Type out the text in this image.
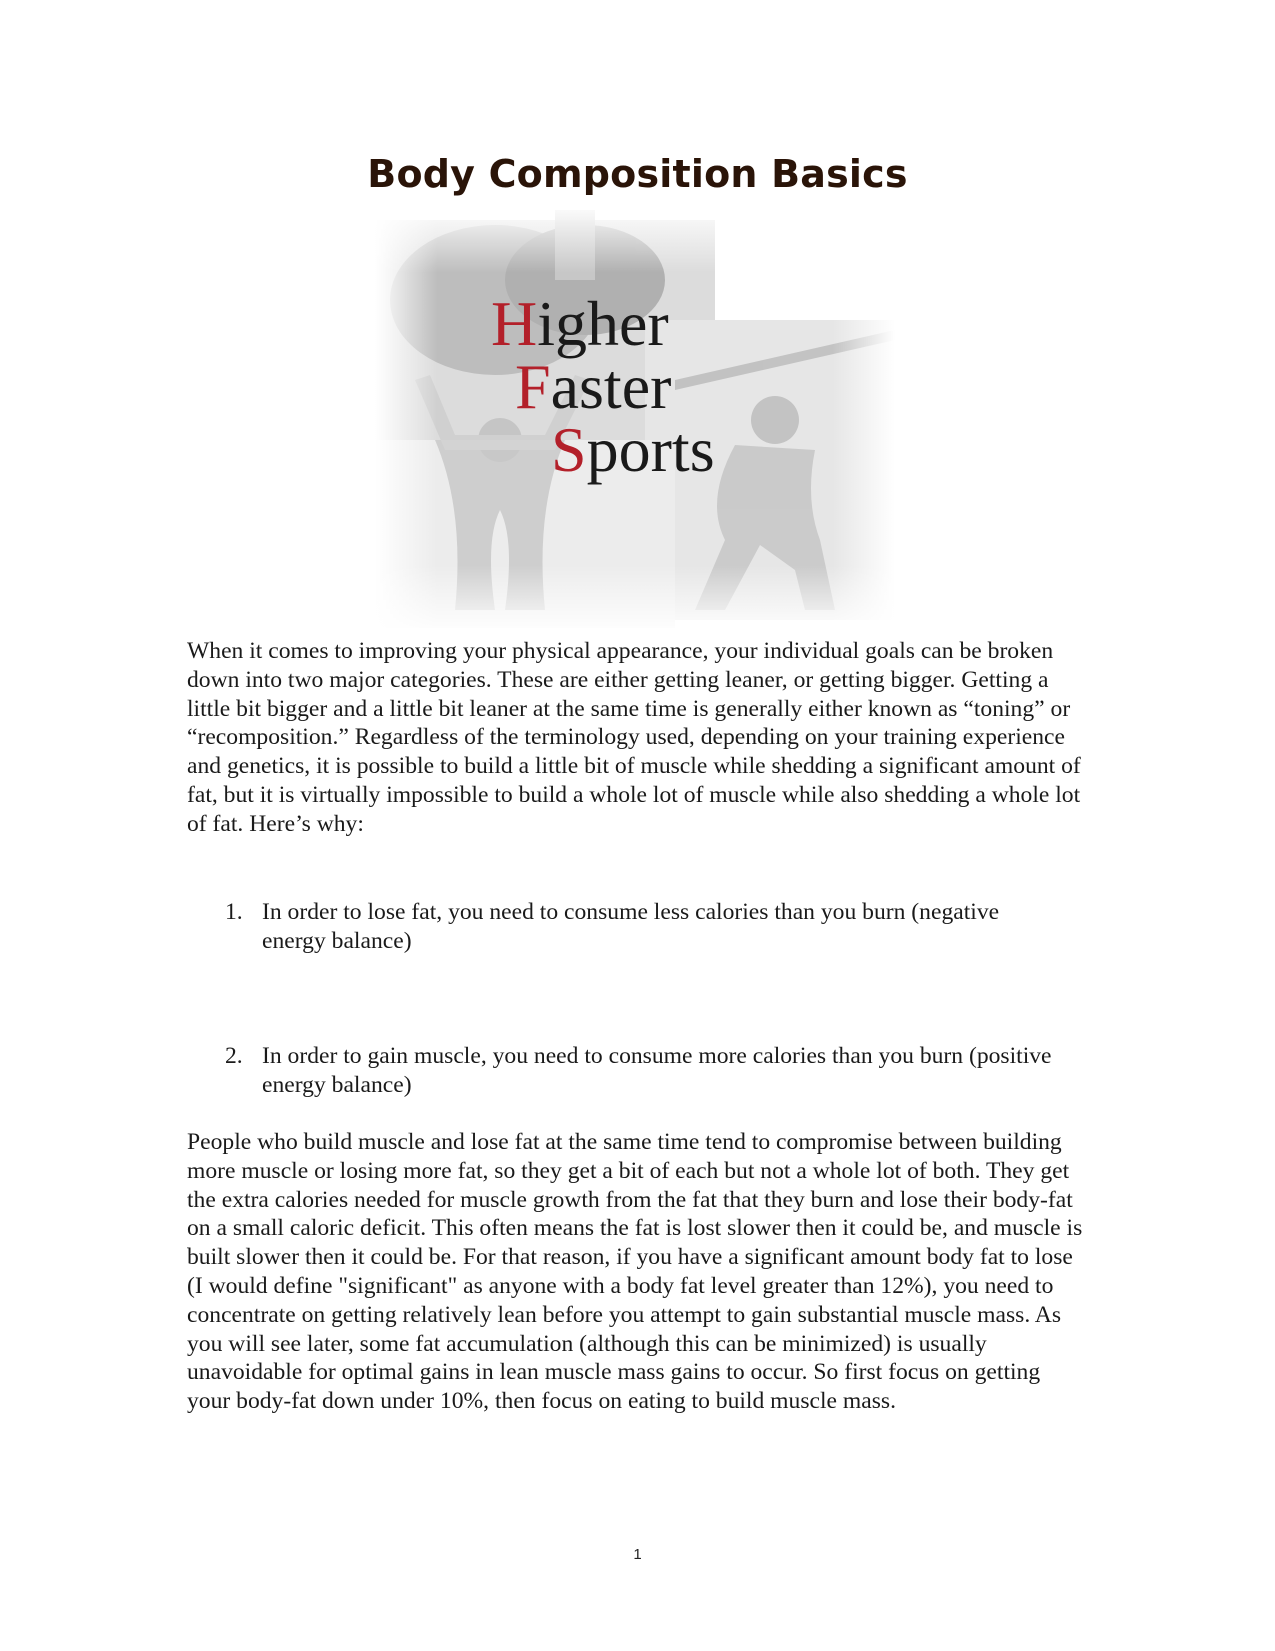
Body Composition Basics
Higher
Faster
Sports

When it comes to improving your physical appearance, your individual goals can be broken down into two major categories. These are either getting leaner, or getting bigger. Getting a little bit bigger and a little bit leaner at the same time is generally either known as “toning” or “recomposition.” Regardless of the terminology used, depending on your training experience and genetics, it is possible to build a little bit of muscle while shedding a significant amount of fat, but it is virtually impossible to build a whole lot of muscle while also shedding a whole lot of fat. Here’s why:

1. In order to lose fat, you need to consume less calories than you burn (negative energy balance)
2. In order to gain muscle, you need to consume more calories than you burn (positive energy balance)

People who build muscle and lose fat at the same time tend to compromise between building more muscle or losing more fat, so they get a bit of each but not a whole lot of both. They get the extra calories needed for muscle growth from the fat that they burn and lose their body-fat on a small caloric deficit. This often means the fat is lost slower then it could be, and muscle is built slower then it could be. For that reason, if you have a significant amount body fat to lose (I would define "significant" as anyone with a body fat level greater than 12%), you need to concentrate on getting relatively lean before you attempt to gain substantial muscle mass. As you will see later, some fat accumulation (although this can be minimized) is usually unavoidable for optimal gains in lean muscle mass gains to occur. So first focus on getting your body-fat down under 10%, then focus on eating to build muscle mass.

1
